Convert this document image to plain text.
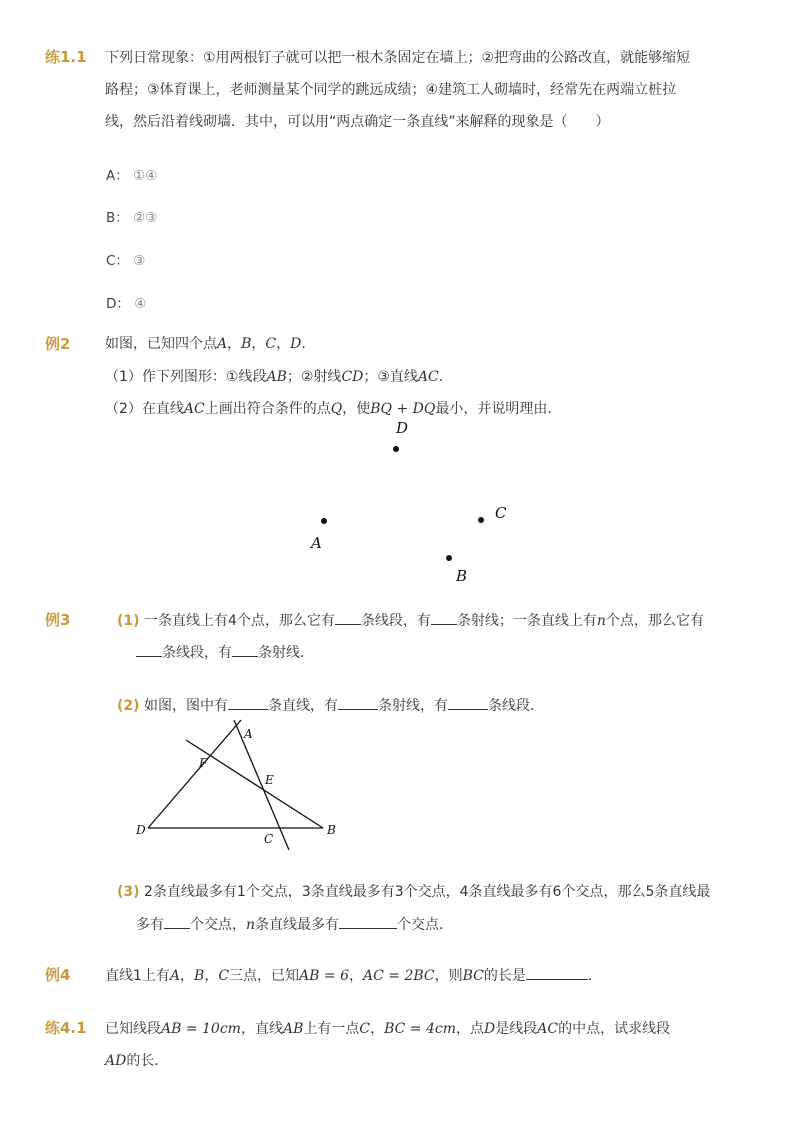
练1.1 下列日常现象：①用两根钉子就可以把一根木条固定在墙上；②把弯曲的公路改直，就能够缩短
路程；③体育课上，老师测量某个同学的跳远成绩；④建筑工人砌墙时，经常先在两端立桩拉
线，然后沿着线砌墙．其中，可以用“两点确定一条直线”来解释的现象是（　　）
A： ①④
B： ②③
C： ③
D： ④
例2 如图，已知四个点A，B，C，D．
（1）作下列图形：①线段AB；②射线CD；③直线AC．
（2）在直线AC上画出符合条件的点Q，使BQ + DQ最小，并说明理由．
D
A
C
B
例3	(1) 一条直线上有4个点，那么它有 条线段，有 条射线；一条直线上有n个点，那么它有
条线段，有 条射线．
(2) 如图，图中有	条直线，有	条射线，有	条线段．
A
F
E
D	B
C
(3) 2条直线最多有1个交点，3条直线最多有3个交点，4条直线最多有6个交点，那么5条直线最
多有 个交点，n条直线最多有	个交点．
例4 直线1上有A，B，C三点，已知AB = 6，AC = 2BC，则BC的长是	．
练4.1 已知线段AB = 10cm，直线AB上有一点C，BC = 4cm，点D是线段AC的中点，试求线段
AD的长．
